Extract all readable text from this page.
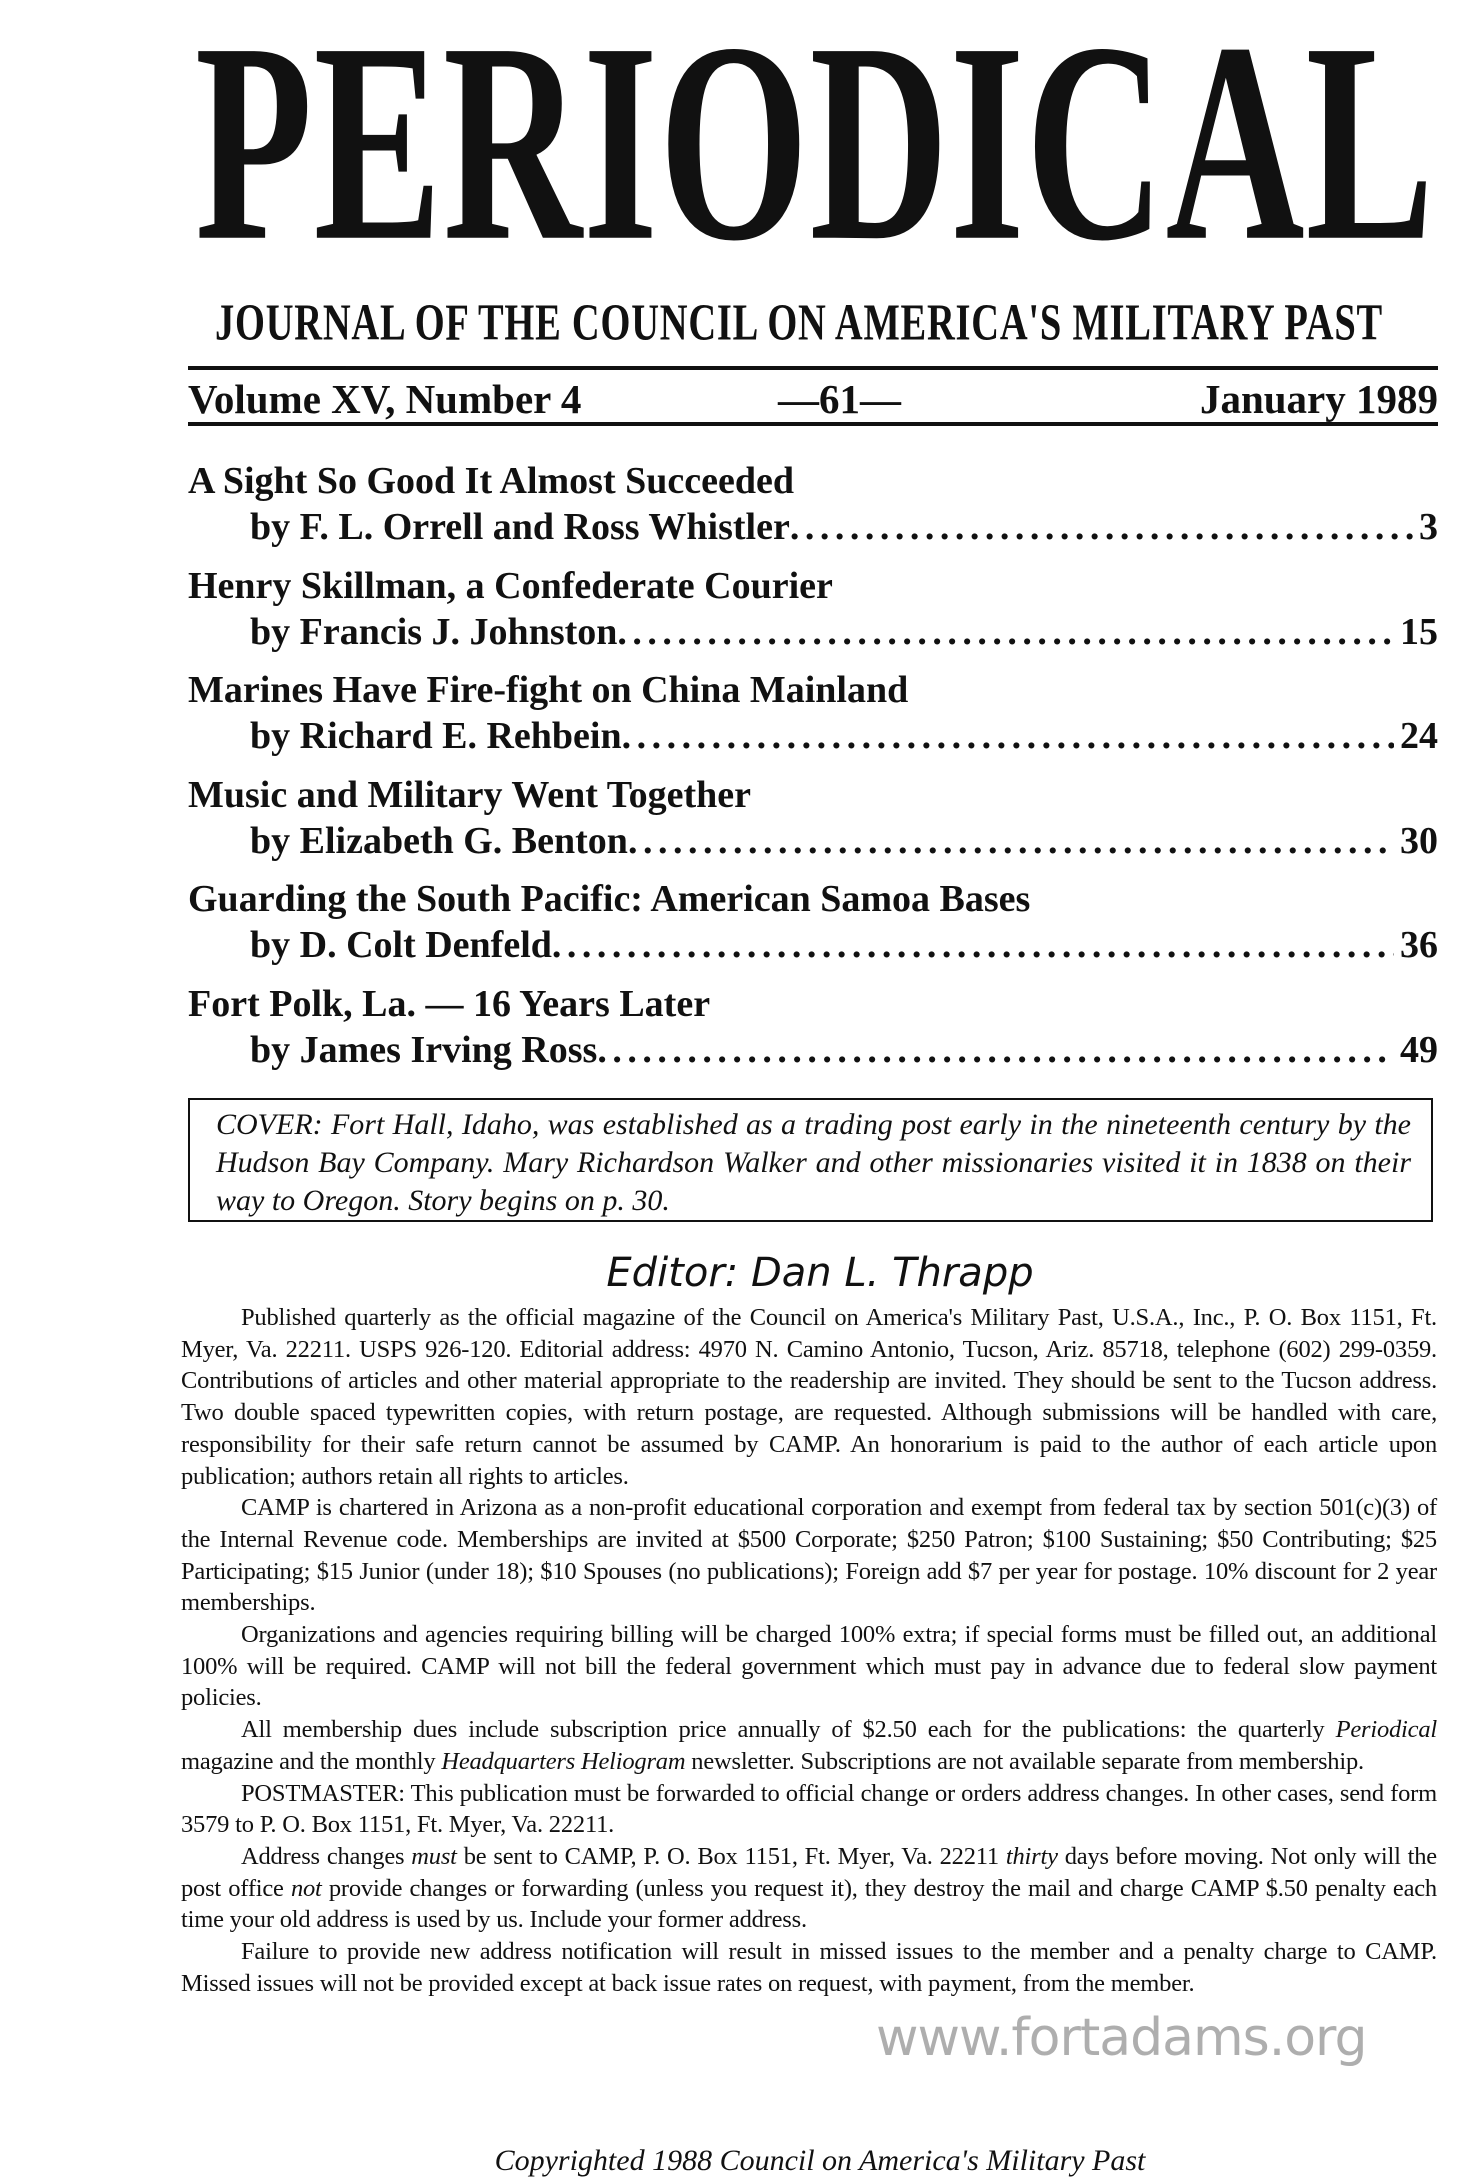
PERIODICAL
JOURNAL OF THE COUNCIL ON AMERICA'S MILITARY PAST
Volume XV, Number 4	—61—	January 1989
A Sight So Good It Almost Succeeded
by F. L. Orrell and Ross Whistler . . .	3
Henry Skillman, a Confederate Courier
by Francis J. Johnston . . .	15
Marines Have Fire-fight on China Mainland
by Richard E. Rehbein . . .	24
Music and Military Went Together
by Elizabeth G. Benton . . .	30
Guarding the South Pacific: American Samoa Bases
by D. Colt Denfeld . . .	36
Fort Polk, La. — 16 Years Later
by James Irving Ross . . .	49
COVER: Fort Hall, Idaho, was established as a trading post early in the nineteenth century by the Hudson Bay Company. Mary Richardson Walker and other missionaries visited it in 1838 on their way to Oregon. Story begins on p. 30.
Editor: Dan L. Thrapp

Published quarterly as the official magazine of the Council on America's Military Past, U.S.A., Inc., P. O. Box 1151, Ft. Myer, Va. 22211. USPS 926-120. Editorial address: 4970 N. Camino Antonio, Tucson, Ariz. 85718, telephone (602) 299-0359. Contributions of articles and other material appropriate to the readership are invited. They should be sent to the Tucson address. Two double spaced typewritten copies, with return postage, are requested. Although submissions will be handled with care, responsibility for their safe return cannot be assumed by CAMP. An honorarium is paid to the author of each article upon publication; authors retain all rights to articles.

CAMP is chartered in Arizona as a non-profit educational corporation and exempt from federal tax by section 501(c)(3) of the Internal Revenue code. Memberships are invited at $500 Corporate; $250 Patron; $100 Sustaining; $50 Contributing; $25 Participating; $15 Junior (under 18); $10 Spouses (no publications); Foreign add $7 per year for postage. 10% discount for 2 year memberships.

Organizations and agencies requiring billing will be charged 100% extra; if special forms must be filled out, an additional 100% will be required. CAMP will not bill the federal government which must pay in advance due to federal slow payment policies.

All membership dues include subscription price annually of $2.50 each for the publications: the quarterly Periodical magazine and the monthly Headquarters Heliogram newsletter. Subscriptions are not available separate from membership.

POSTMASTER: This publication must be forwarded to official change or orders address changes. In other cases, send form 3579 to P. O. Box 1151, Ft. Myer, Va. 22211.

Address changes must be sent to CAMP, P. O. Box 1151, Ft. Myer, Va. 22211 thirty days before moving. Not only will the post office not provide changes or forwarding (unless you request it), they destroy the mail and charge CAMP $.50 penalty each time your old address is used by us. Include your former address.

Failure to provide new address notification will result in missed issues to the member and a penalty charge to CAMP. Missed issues will not be provided except at back issue rates on request, with payment, from the member.

www.fortadams.org
Copyrighted 1988 Council on America's Military Past
